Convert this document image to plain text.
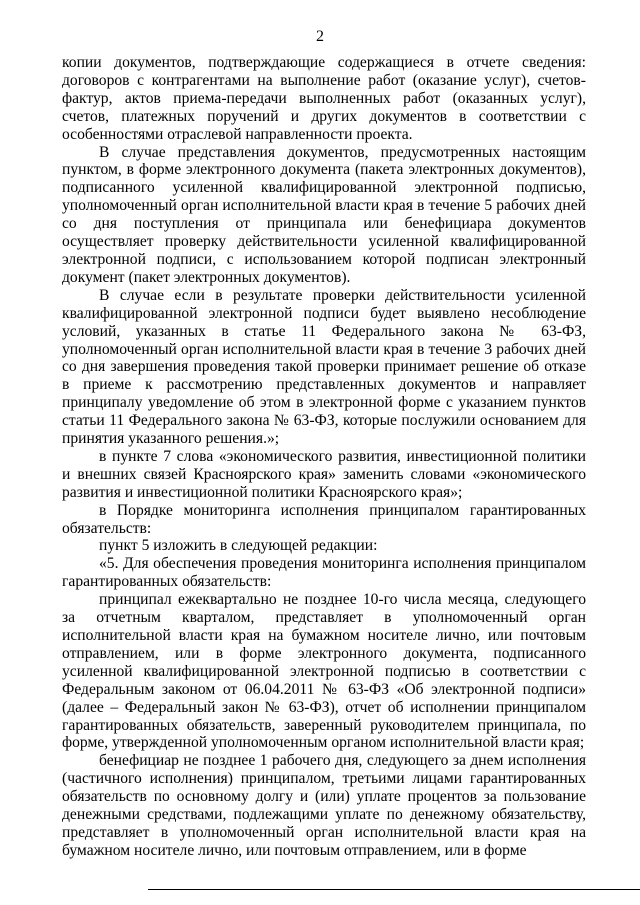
2

копии документов, подтверждающие содержащиеся в отчете сведения: договоров с контрагентами на выполнение работ (оказание услуг), счетов-фактур, актов приема-передачи выполненных работ (оказанных услуг), счетов, платежных поручений и других документов в соответствии с особенностями отраслевой направленности проекта.

В случае представления документов, предусмотренных настоящим пунктом, в форме электронного документа (пакета электронных документов), подписанного усиленной квалифицированной электронной подписью, уполномоченный орган исполнительной власти края в течение 5 рабочих дней со дня поступления от принципала или бенефициара документов осуществляет проверку действительности усиленной квалифицированной электронной подписи, с использованием которой подписан электронный документ (пакет электронных документов).

В случае если в результате проверки действительности усиленной квалифицированной электронной подписи будет выявлено несоблюдение условий, указанных в статье 11 Федерального закона № 63-ФЗ, уполномоченный орган исполнительной власти края в течение 3 рабочих дней со дня завершения проведения такой проверки принимает решение об отказе в приеме к рассмотрению представленных документов и направляет принципалу уведомление об этом в электронной форме с указанием пунктов статьи 11 Федерального закона № 63-ФЗ, которые послужили основанием для принятия указанного решения.»;

в пункте 7 слова «экономического развития, инвестиционной политики и внешних связей Красноярского края» заменить словами «экономического развития и инвестиционной политики Красноярского края»;

в Порядке мониторинга исполнения принципалом гарантированных обязательств:

пункт 5 изложить в следующей редакции:

«5. Для обеспечения проведения мониторинга исполнения принципалом гарантированных обязательств:

принципал ежеквартально не позднее 10-го числа месяца, следующего за отчетным кварталом, представляет в уполномоченный орган исполнительной власти края на бумажном носителе лично, или почтовым отправлением, или в форме электронного документа, подписанного усиленной квалифицированной электронной подписью в соответствии с Федеральным законом от 06.04.2011 № 63-ФЗ «Об электронной подписи» (далее – Федеральный закон № 63-ФЗ), отчет об исполнении принципалом гарантированных обязательств, заверенный руководителем принципала, по форме, утвержденной уполномоченным органом исполнительной власти края;

бенефициар не позднее 1 рабочего дня, следующего за днем исполнения (частичного исполнения) принципалом, третьими лицами гарантированных обязательств по основному долгу и (или) уплате процентов за пользование денежными средствами, подлежащими уплате по денежному обязательству, представляет в уполномоченный орган исполнительной власти края на бумажном носителе лично, или почтовым отправлением, или в форме
